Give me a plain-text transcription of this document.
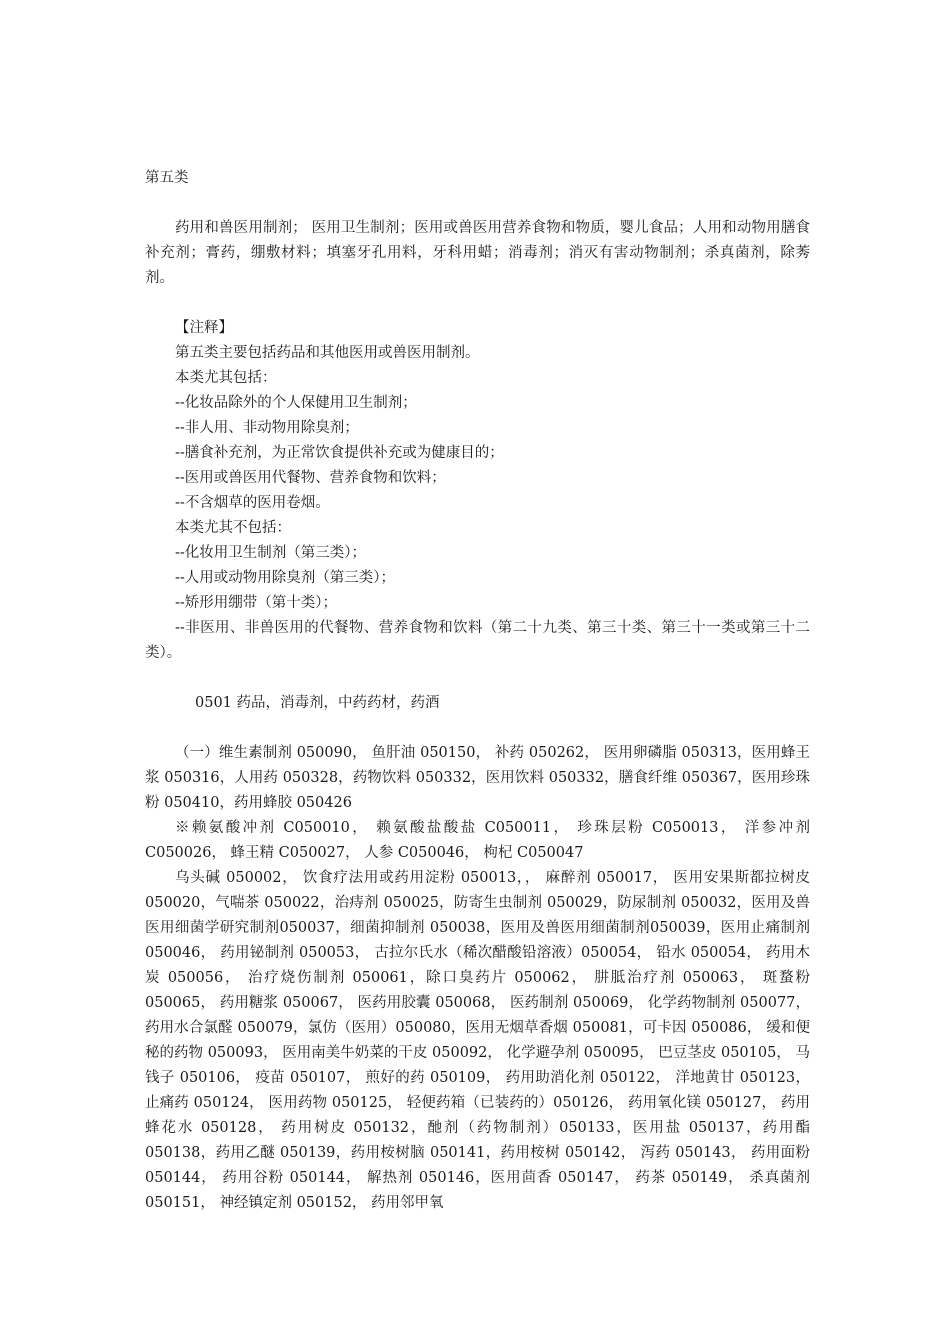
第五类

药用和兽医用制剂； 医用卫生制剂；医用或兽医用营养食物和物质，婴儿食品；人用和动物用膳食补充剂；膏药，绷敷材料；填塞牙孔用料，牙科用蜡；消毒剂；消灭有害动物制剂；杀真菌剂，除莠剂。

【注释】

第五类主要包括药品和其他医用或兽医用制剂。

本类尤其包括：

--化妆品除外的个人保健用卫生制剂；

--非人用、非动物用除臭剂；

--膳食补充剂，为正常饮食提供补充或为健康目的；

--医用或兽医用代餐物、营养食物和饮料；

--不含烟草的医用卷烟。

本类尤其不包括：

--化妆用卫生制剂（第三类）；

--人用或动物用除臭剂（第三类）；

--矫形用绷带（第十类）；

--非医用、非兽医用的代餐物、营养食物和饮料（第二十九类、第三十类、第三十一类或第三十二类）。

0501 药品，消毒剂，中药药材，药酒

（一）维生素制剂 050090， 鱼肝油 050150， 补药 050262， 医用卵磷脂 050313，医用蜂王浆 050316，人用药 050328，药物饮料 050332，医用饮料 050332，膳食纤维 050367，医用珍珠粉 050410，药用蜂胶 050426

※赖氨酸冲剂 C050010， 赖氨酸盐酸盐 C050011， 珍珠层粉 C050013， 洋参冲剂 C050026， 蜂王精 C050027， 人参 C050046， 枸杞 C050047

乌头碱 050002， 饮食疗法用或药用淀粉 050013，， 麻醉剂 050017， 医用安果斯都拉树皮 050020，气喘茶 050022，治痔剂 050025，防寄生虫制剂 050029，防尿制剂 050032，医用及兽医用细菌学研究制剂050037，细菌抑制剂 050038，医用及兽医用细菌制剂050039，医用止痛制剂 050046， 药用铋制剂 050053， 古拉尔氏水（稀次醋酸铅溶液）050054， 铅水 050054， 药用木炭 050056， 治疗烧伤制剂 050061，除口臭药片 050062， 肼胝治疗剂 050063， 斑蝥粉 050065， 药用糖浆 050067， 医药用胶囊 050068， 医药制剂 050069， 化学药物制剂 050077，药用水合氯醛 050079，氯仿（医用）050080，医用无烟草香烟 050081，可卡因 050086， 缓和便秘的药物 050093， 医用南美牛奶菜的干皮 050092， 化学避孕剂 050095， 巴豆茎皮 050105， 马钱子 050106， 疫苗 050107， 煎好的药 050109， 药用助消化剂 050122， 洋地黄甘 050123， 止痛药 050124， 医用药物 050125， 轻便药箱（已装药的）050126， 药用氧化镁 050127， 药用蜂花水 050128， 药用树皮 050132，酏剂（药物制剂）050133，医用盐 050137，药用酯 050138，药用乙醚 050139，药用桉树脑 050141，药用桉树 050142， 泻药 050143， 药用面粉 050144， 药用谷粉 050144， 解热剂 050146，医用茴香 050147， 药茶 050149， 杀真菌剂 050151， 神经镇定剂 050152， 药用邻甲氧
